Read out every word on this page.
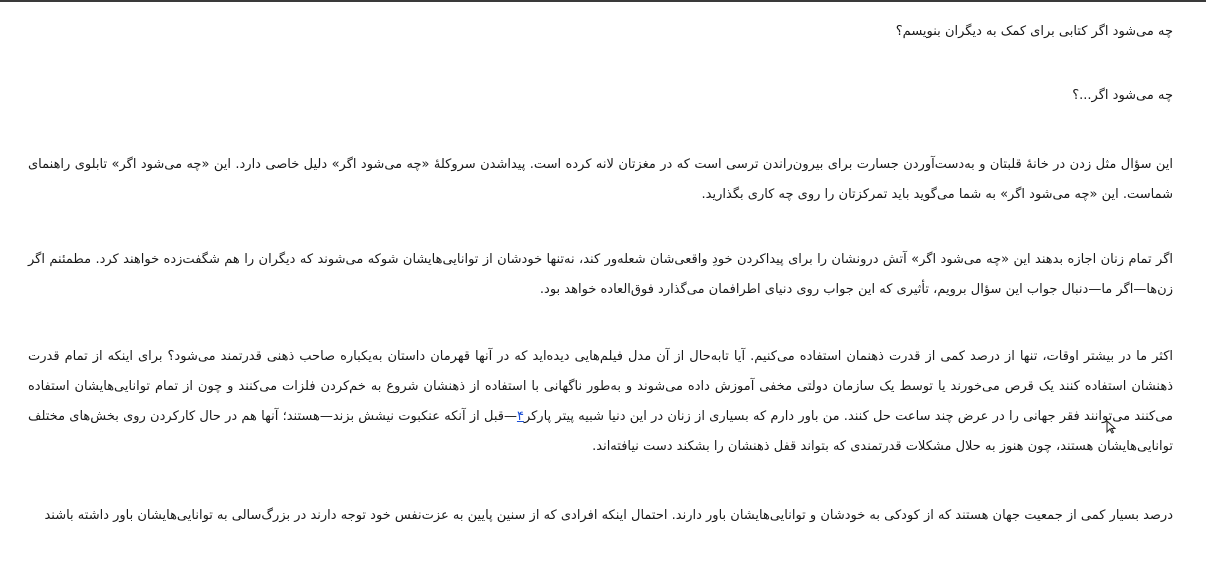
چه می‌شود اگر کتابی برای کمک به دیگران بنویسم؟
چه می‌شود اگر...؟

این سؤال مثل زدن در خانهٔ قلبتان و به‌دست‌آوردن جسارت برای بیرون‌راندن ترسی است که در مغزتان لانه کرده است. پیداشدن سروکلهٔ «چه می‌شود اگر» دلیل خاصی دارد. این «چه می‌شود اگر» تابلوی راهنمای شماست. این «چه می‌شود اگر» به شما می‌گوید باید تمرکزتان را روی چه کاری بگذارید.

اگر تمام زنان اجازه بدهند این «چه می‌شود اگر» آتش درونشان را برای پیداکردن خودِ واقعی‌شان شعله‌ور کند، نه‌تنها خودشان از توانایی‌هایشان شوکه می‌شوند که دیگران را هم شگفت‌زده خواهند کرد. مطمئنم اگر زن‌ها—اگر ما—دنبال جواب این سؤال برویم، تأثیری که این جواب روی دنیای اطرافمان می‌گذارد فوق‌العاده خواهد بود.

اکثر ما در بیشتر اوقات، تنها از درصد کمی از قدرت ذهنمان استفاده می‌کنیم. آیا تابه‌حال از آن مدل فیلم‌هایی دیده‌اید که در آنها قهرمان داستان به‌یکباره صاحب ذهنی قدرتمند می‌شود؟ برای اینکه از تمام قدرت ذهنشان استفاده کنند یک قرص می‌خورند یا توسط یک سازمان دولتی مخفی آموزش داده می‌شوند و به‌طور ناگهانی با استفاده از ذهنشان شروع به خم‌کردن فلزات می‌کنند و چون از تمام توانایی‌هایشان استفاده می‌کنند می‌توانند فقر جهانی را در عرض چند ساعت حل کنند. من باور دارم که بسیاری از زنان در این دنیا شبیه پیتر پارکر۴—قبل از آنکه عنکبوت نیشش بزند—هستند؛ آنها هم در حال کارکردن روی بخش‌های مختلف توانایی‌هایشان هستند، چون هنوز به حلال مشکلات قدرتمندی که بتواند قفل ذهنشان را بشکند دست نیافته‌اند.

درصد بسیار کمی از جمعیت جهان هستند که از کودکی به خودشان و توانایی‌هایشان باور دارند. احتمال اینکه افرادی که از سنین پایین به عزت‌نفس خود توجه دارند در بزرگ‌سالی به توانایی‌هایشان باور داشته باشند
